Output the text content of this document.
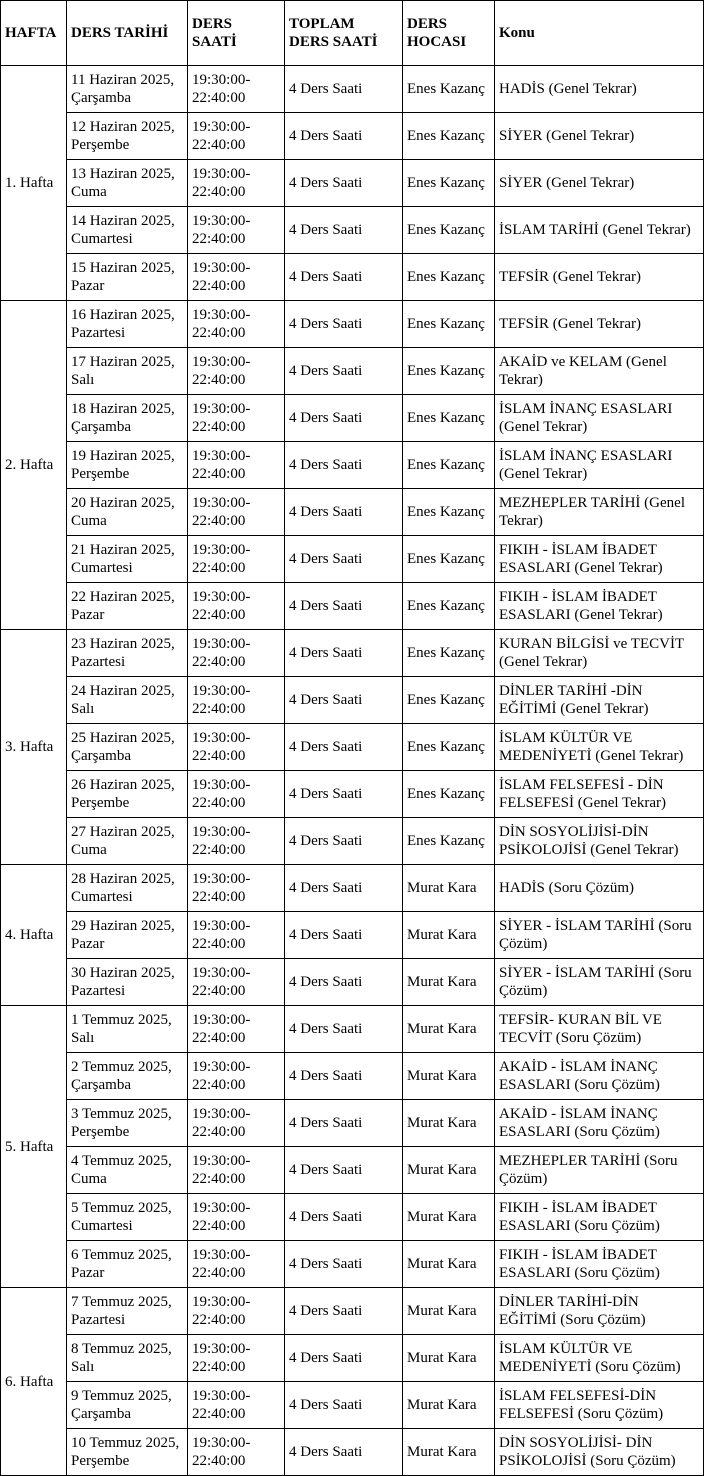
HAFTA	DERS TARİHİ	DERS SAATİ	TOPLAM DERS SAATİ	DERS HOCASI	Konu
1. Hafta	11 Haziran 2025, Çarşamba	19:30:00-22:40:00	4 Ders Saati	Enes Kazanç	HADİS (Genel Tekrar)
	12 Haziran 2025, Perşembe	19:30:00-22:40:00	4 Ders Saati	Enes Kazanç	SİYER (Genel Tekrar)
	13 Haziran 2025, Cuma	19:30:00-22:40:00	4 Ders Saati	Enes Kazanç	SİYER (Genel Tekrar)
	14 Haziran 2025, Cumartesi	19:30:00-22:40:00	4 Ders Saati	Enes Kazanç	İSLAM TARİHİ (Genel Tekrar)
	15 Haziran 2025, Pazar	19:30:00-22:40:00	4 Ders Saati	Enes Kazanç	TEFSİR (Genel Tekrar)
2. Hafta	16 Haziran 2025, Pazartesi	19:30:00-22:40:00	4 Ders Saati	Enes Kazanç	TEFSİR (Genel Tekrar)
	17 Haziran 2025, Salı	19:30:00-22:40:00	4 Ders Saati	Enes Kazanç	AKAİD ve KELAM (Genel Tekrar)
	18 Haziran 2025, Çarşamba	19:30:00-22:40:00	4 Ders Saati	Enes Kazanç	İSLAM İNANÇ ESASLARI (Genel Tekrar)
	19 Haziran 2025, Perşembe	19:30:00-22:40:00	4 Ders Saati	Enes Kazanç	İSLAM İNANÇ ESASLARI (Genel Tekrar)
	20 Haziran 2025, Cuma	19:30:00-22:40:00	4 Ders Saati	Enes Kazanç	MEZHEPLER TARİHİ (Genel Tekrar)
	21 Haziran 2025, Cumartesi	19:30:00-22:40:00	4 Ders Saati	Enes Kazanç	FIKIH - İSLAM İBADET ESASLARI (Genel Tekrar)
	22 Haziran 2025, Pazar	19:30:00-22:40:00	4 Ders Saati	Enes Kazanç	FIKIH - İSLAM İBADET ESASLARI (Genel Tekrar)
3. Hafta	23 Haziran 2025, Pazartesi	19:30:00-22:40:00	4 Ders Saati	Enes Kazanç	KURAN BİLGİSİ ve TECVİT (Genel Tekrar)
	24 Haziran 2025, Salı	19:30:00-22:40:00	4 Ders Saati	Enes Kazanç	DİNLER TARİHİ -DİN EĞİTİMİ (Genel Tekrar)
	25 Haziran 2025, Çarşamba	19:30:00-22:40:00	4 Ders Saati	Enes Kazanç	İSLAM KÜLTÜR VE MEDENİYETİ (Genel Tekrar)
	26 Haziran 2025, Perşembe	19:30:00-22:40:00	4 Ders Saati	Enes Kazanç	İSLAM FELSEFESİ - DİN FELSEFESİ (Genel Tekrar)
	27 Haziran 2025, Cuma	19:30:00-22:40:00	4 Ders Saati	Enes Kazanç	DİN SOSYOLİJİSİ-DİN PSİKOLOJİSİ (Genel Tekrar)
4. Hafta	28 Haziran 2025, Cumartesi	19:30:00-22:40:00	4 Ders Saati	Murat Kara	HADİS (Soru Çözüm)
	29 Haziran 2025, Pazar	19:30:00-22:40:00	4 Ders Saati	Murat Kara	SİYER - İSLAM TARİHİ (Soru Çözüm)
	30 Haziran 2025, Pazartesi	19:30:00-22:40:00	4 Ders Saati	Murat Kara	SİYER - İSLAM TARİHİ (Soru Çözüm)
5. Hafta	1 Temmuz 2025, Salı	19:30:00-22:40:00	4 Ders Saati	Murat Kara	TEFSİR- KURAN BİL VE TECVİT (Soru Çözüm)
	2 Temmuz 2025, Çarşamba	19:30:00-22:40:00	4 Ders Saati	Murat Kara	AKAİD - İSLAM İNANÇ ESASLARI (Soru Çözüm)
	3 Temmuz 2025, Perşembe	19:30:00-22:40:00	4 Ders Saati	Murat Kara	AKAİD - İSLAM İNANÇ ESASLARI (Soru Çözüm)
	4 Temmuz 2025, Cuma	19:30:00-22:40:00	4 Ders Saati	Murat Kara	MEZHEPLER TARİHİ (Soru Çözüm)
	5 Temmuz 2025, Cumartesi	19:30:00-22:40:00	4 Ders Saati	Murat Kara	FIKIH - İSLAM İBADET ESASLARI (Soru Çözüm)
	6 Temmuz 2025, Pazar	19:30:00-22:40:00	4 Ders Saati	Murat Kara	FIKIH - İSLAM İBADET ESASLARI (Soru Çözüm)
6. Hafta	7 Temmuz 2025, Pazartesi	19:30:00-22:40:00	4 Ders Saati	Murat Kara	DİNLER TARİHİ-DİN EĞİTİMİ (Soru Çözüm)
	8 Temmuz 2025, Salı	19:30:00-22:40:00	4 Ders Saati	Murat Kara	İSLAM KÜLTÜR VE MEDENİYETİ (Soru Çözüm)
	9 Temmuz 2025, Çarşamba	19:30:00-22:40:00	4 Ders Saati	Murat Kara	İSLAM FELSEFESİ-DİN FELSEFESİ (Soru Çözüm)
	10 Temmuz 2025, Perşembe	19:30:00-22:40:00	4 Ders Saati	Murat Kara	DİN SOSYOLİJİSİ- DİN PSİKOLOJİSİ (Soru Çözüm)
